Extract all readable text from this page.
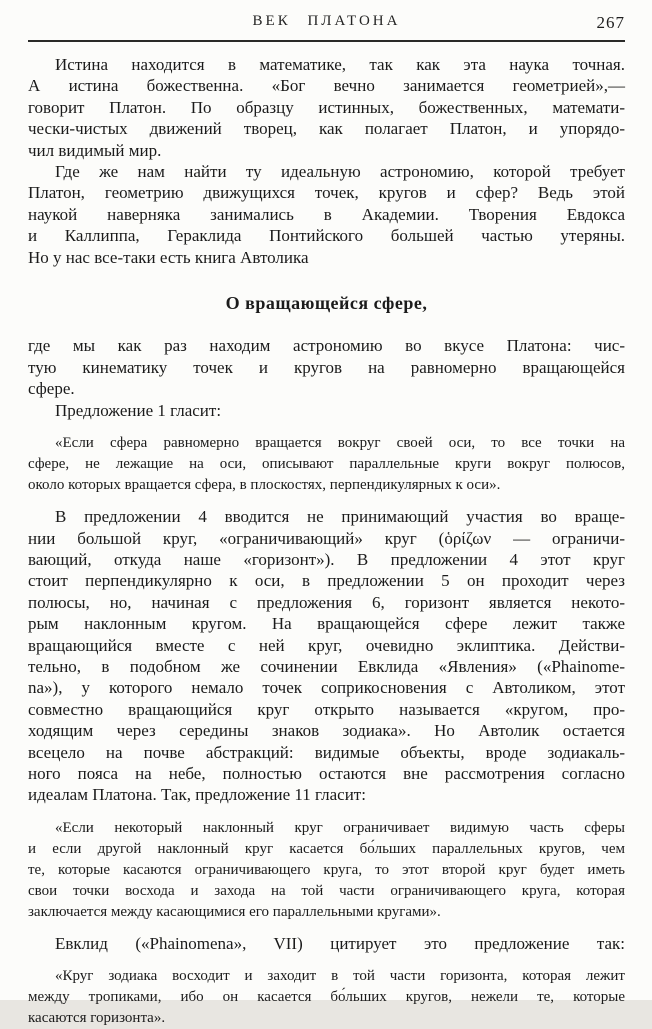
ВЕК ПЛАТОНА	267
Истина находится в математике, так как эта наука точная.
А истина божественна. «Бог вечно занимается геометрией»,—
говорит Платон. По образцу истинных, божественных, математи-
чески-чистых движений творец, как полагает Платон, и упорядо-
чил видимый мир.
Где же нам найти ту идеальную астрономию, которой требует
Платон, геометрию движущихся точек, кругов и сфер? Ведь этой
наукой наверняка занимались в Академии. Творения Евдокса
и Каллиппа, Гераклида Понтийского большей частью утеряны.
Но у нас все-таки есть книга Автолика
О вращающейся сфере,
где мы как раз находим астрономию во вкусе Платона: чис-
тую кинематику точек и кругов на равномерно вращающейся
сфере.
Предложение 1 гласит:
«Если сфера равномерно вращается вокруг своей оси, то все точки на
сфере, не лежащие на оси, описывают параллельные круги вокруг полюсов,
около которых вращается сфера, в плоскостях, перпендикулярных к оси».
В предложении 4 вводится не принимающий участия во враще-
нии большой круг, «ограничивающий» круг (ὁρίζων — ограничи-
вающий, откуда наше «горизонт»). В предложении 4 этот круг
стоит перпендикулярно к оси, в предложении 5 он проходит через
полюсы, но, начиная с предложения 6, горизонт является некото-
рым наклонным кругом. На вращающейся сфере лежит также
вращающийся вместе с ней круг, очевидно эклиптика. Действи-
тельно, в подобном же сочинении Евклида «Явления» («Phainome-
na»), у которого немало точек соприкосновения с Автоликом, этот
совместно вращающийся круг открыто называется «кругом, про-
ходящим через середины знаков зодиака». Но Автолик остается
всецело на почве абстракций: видимые объекты, вроде зодиакаль-
ного пояса на небе, полностью остаются вне рассмотрения согласно
идеалам Платона. Так, предложение 11 гласит:
«Если некоторый наклонный круг ограничивает видимую часть сферы
и если другой наклонный круг касается бо́льших параллельных кругов, чем
те, которые касаются ограничивающего круга, то этот второй круг будет иметь
свои точки восхода и захода на той части ограничивающего круга, которая
заключается между касающимися его параллельными кругами».
Евклид («Phainomena», VII) цитирует это предложение так:
«Круг зодиака восходит и заходит в той части горизонта, которая лежит
между тропиками, ибо он касается бо́льших кругов, нежели те, которые
касаются горизонта».
